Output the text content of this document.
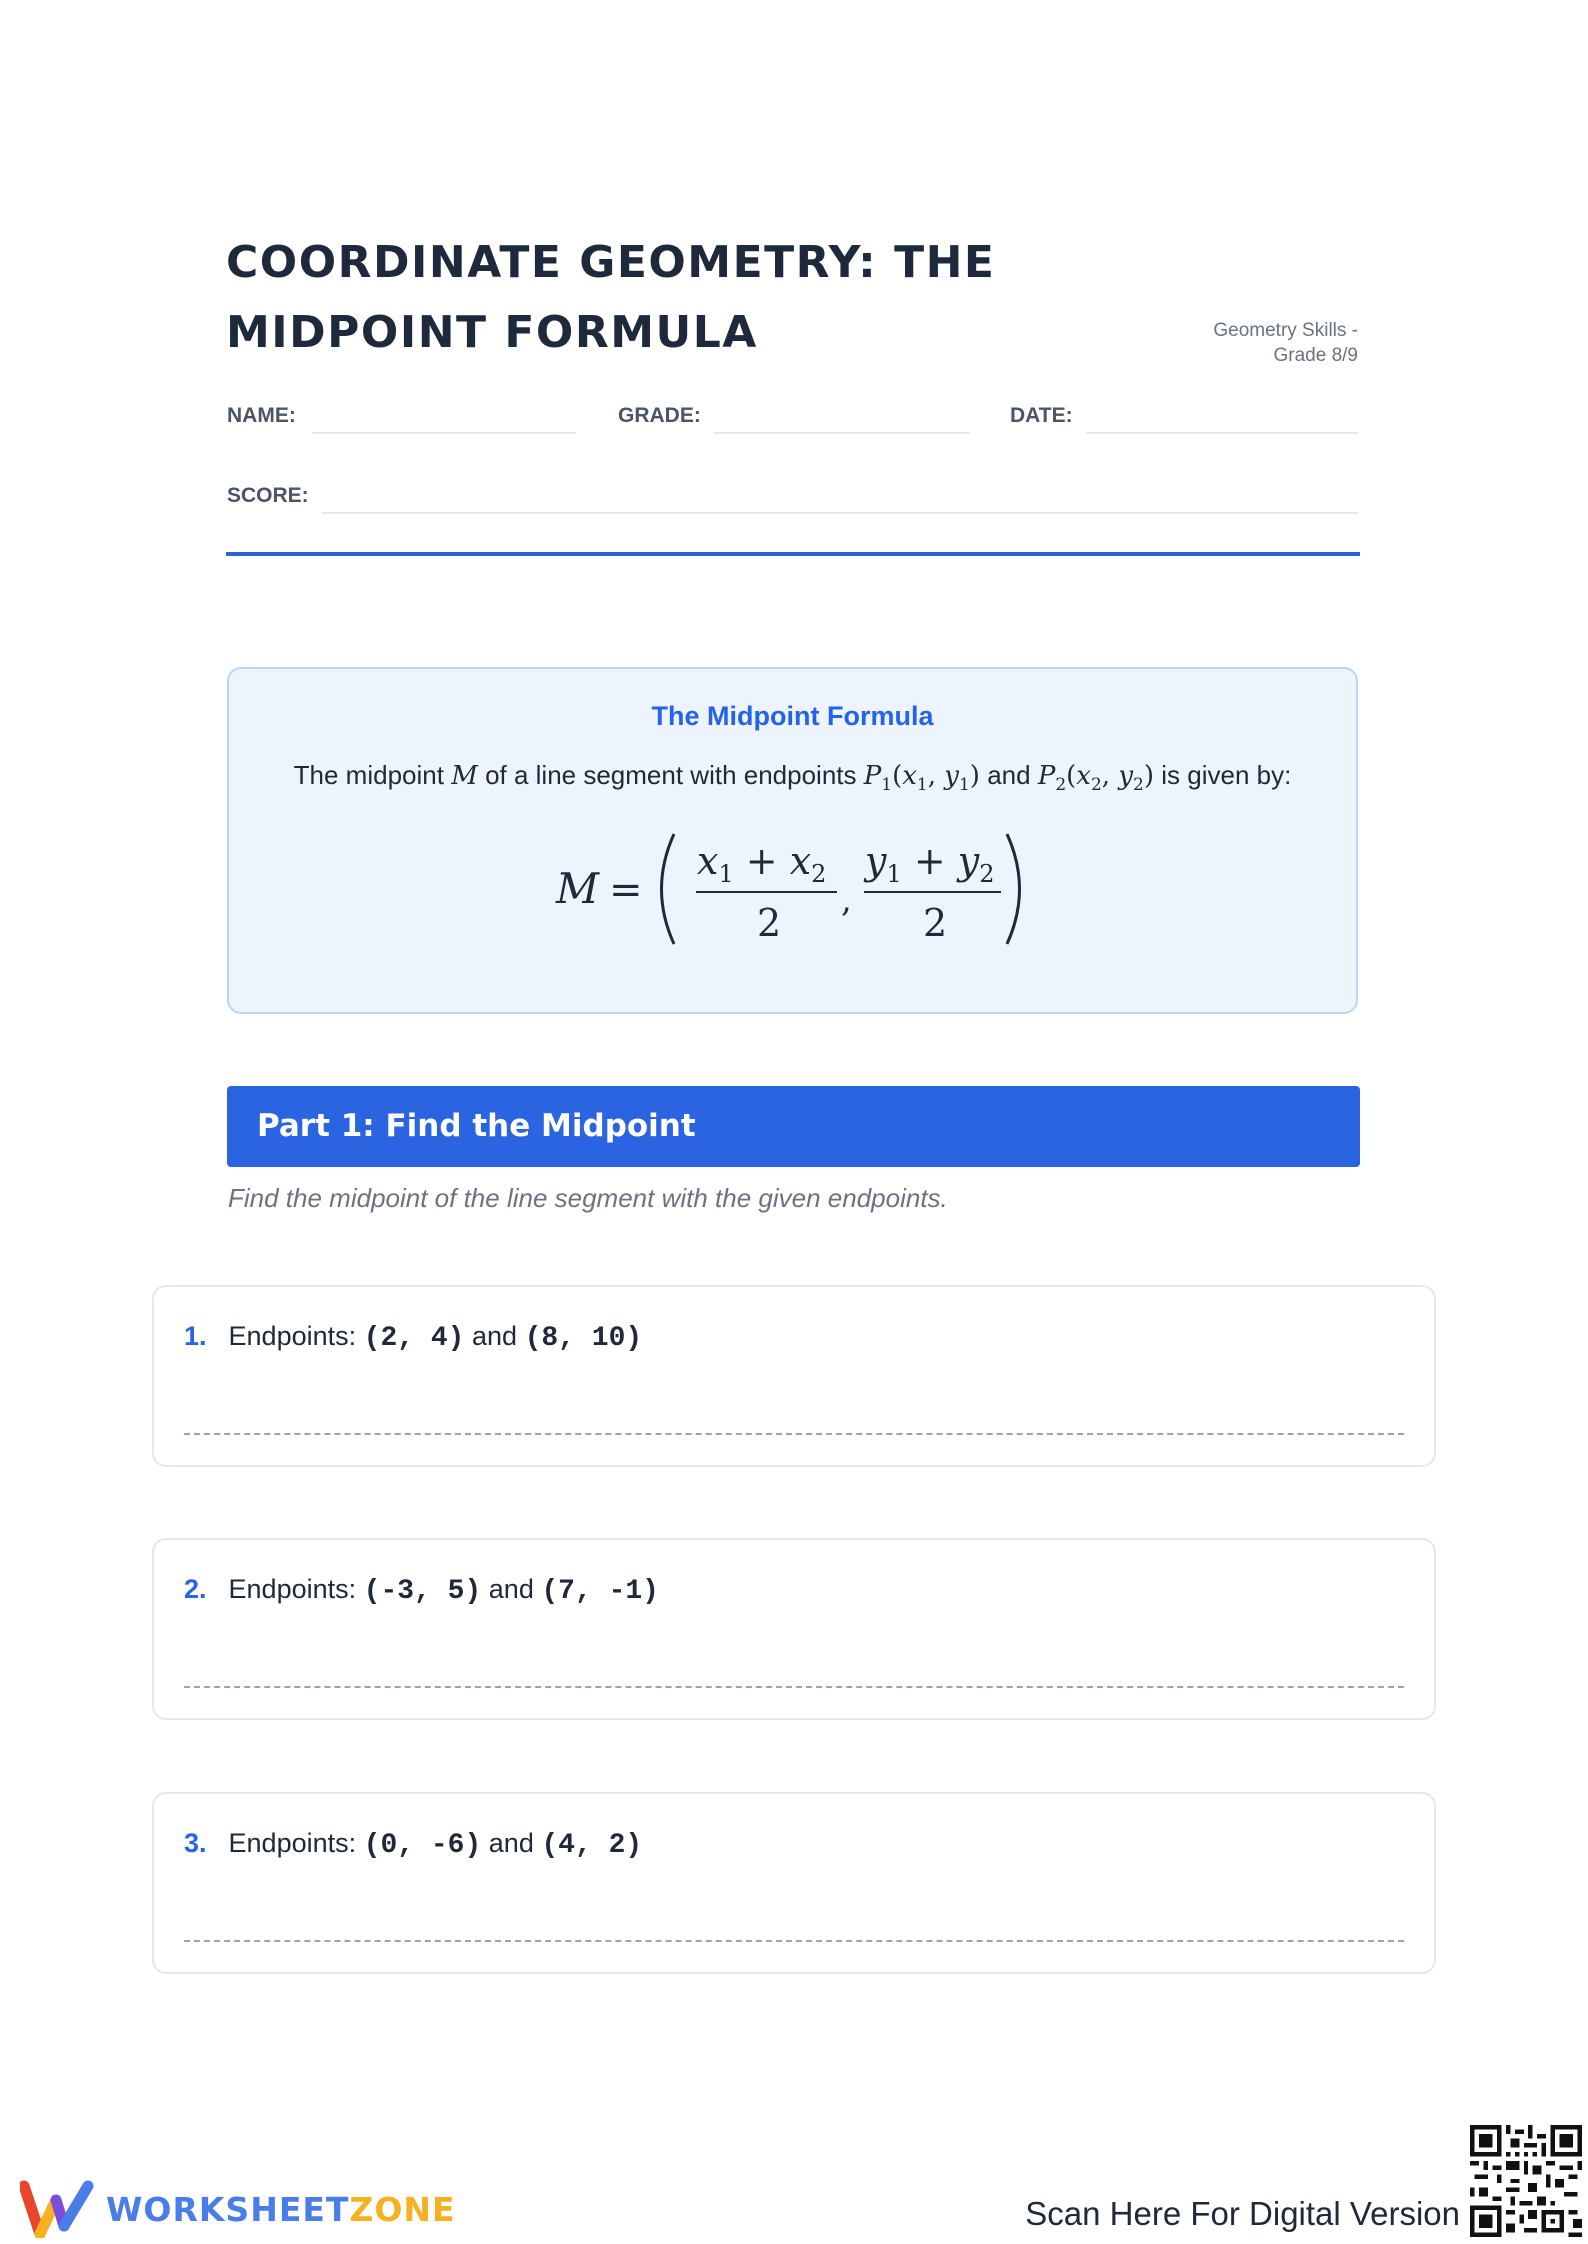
COORDINATE GEOMETRY: THE MIDPOINT FORMULA	Geometry Skills -
Grade 8/9
NAME:	GRADE:	DATE:
SCORE:
The Midpoint Formula
The midpoint M of a line segment with endpoints $P_1(x_1$, $y_1$) and $P_2(x_2$, $y_2$) is given by:
M =
$x_1 + x_2$
2
,
$y_1 + y_2$
2
Part 1: Find the Midpoint
Find the midpoint of the line segment with the given endpoints.
1. Endpoints: (2, 4) and (8, 10)
2. Endpoints: (-3, 5) and (7, -1)
3. Endpoints: (0, -6) and (4, 2)
WORKSHEETZONE	Scan Here For Digital Version
